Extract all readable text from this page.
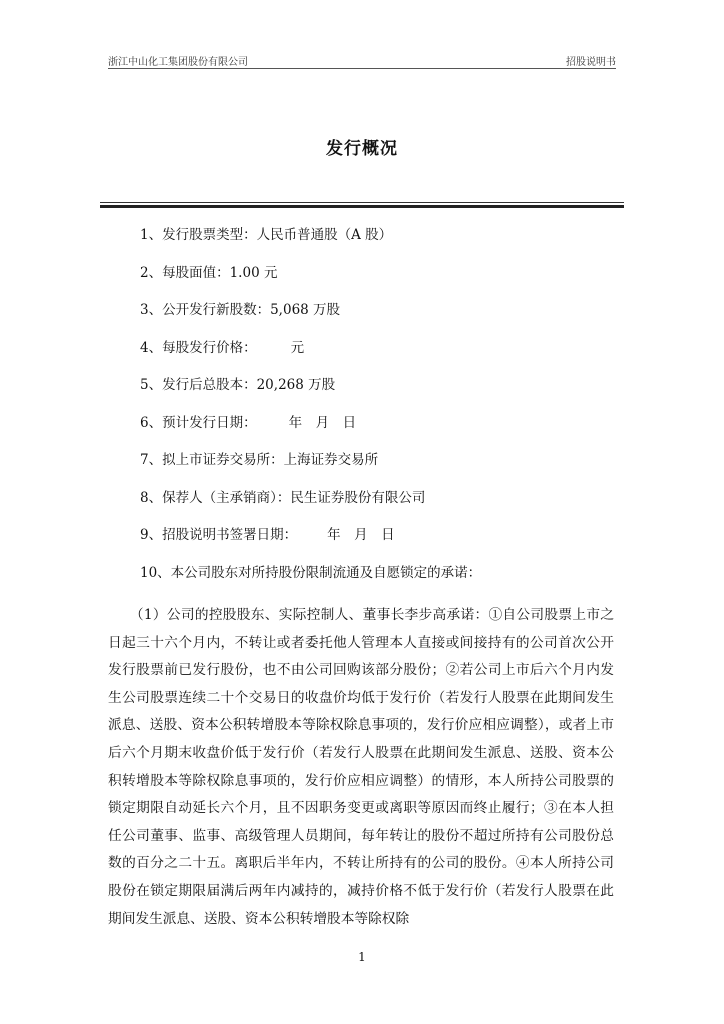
浙江中山化工集团股份有限公司	招股说明书
发行概况
1、发行股票类型：人民币普通股（A 股）
2、每股面值：1.00 元
3、公开发行新股数：5,068 万股
4、每股发行价格：	元
5、发行后总股本：20,268 万股
6、预计发行日期： 年　月　日
7、拟上市证券交易所：上海证券交易所
8、保荐人（主承销商）：民生证券股份有限公司
9、招股说明书签署日期： 年　月　日
10、本公司股东对所持股份限制流通及自愿锁定的承诺：
（1）公司的控股股东、实际控制人、董事长李步高承诺：①自公司股票上市之日起三十六个月内，不转让或者委托他人管理本人直接或间接持有的公司首次公开发行股票前已发行股份，也不由公司回购该部分股份；②若公司上市后六个月内发生公司股票连续二十个交易日的收盘价均低于发行价（若发行人股票在此期间发生派息、送股、资本公积转增股本等除权除息事项的，发行价应相应调整），或者上市后六个月期末收盘价低于发行价（若发行人股票在此期间发生派息、送股、资本公积转增股本等除权除息事项的，发行价应相应调整）的情形，本人所持公司股票的锁定期限自动延长六个月，且不因职务变更或离职等原因而终止履行；③在本人担任公司董事、监事、高级管理人员期间，每年转让的股份不超过所持有公司股份总数的百分之二十五。离职后半年内，不转让所持有的公司的股份。④本人所持公司股份在锁定期限届满后两年内减持的，减持价格不低于发行价（若发行人股票在此期间发生派息、送股、资本公积转增股本等除权除
1
